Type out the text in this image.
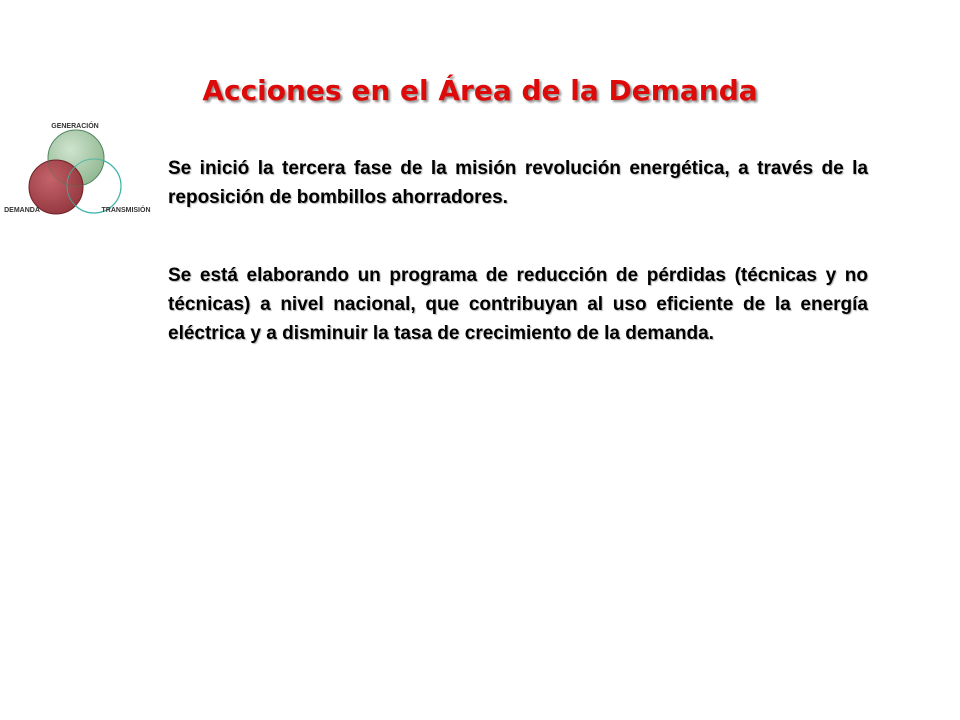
Acciones en el Área de la Demanda
GENERACIÓN
TRANSMISIÓN
DEMANDA

Se inició la tercera fase de la misión revolución energética, a través de la reposición de bombillos ahorradores.

Se está elaborando un programa de reducción de pérdidas (técnicas y no técnicas) a nivel nacional, que contribuyan al uso eficiente de la energía eléctrica y a disminuir la tasa de crecimiento de la demanda.
